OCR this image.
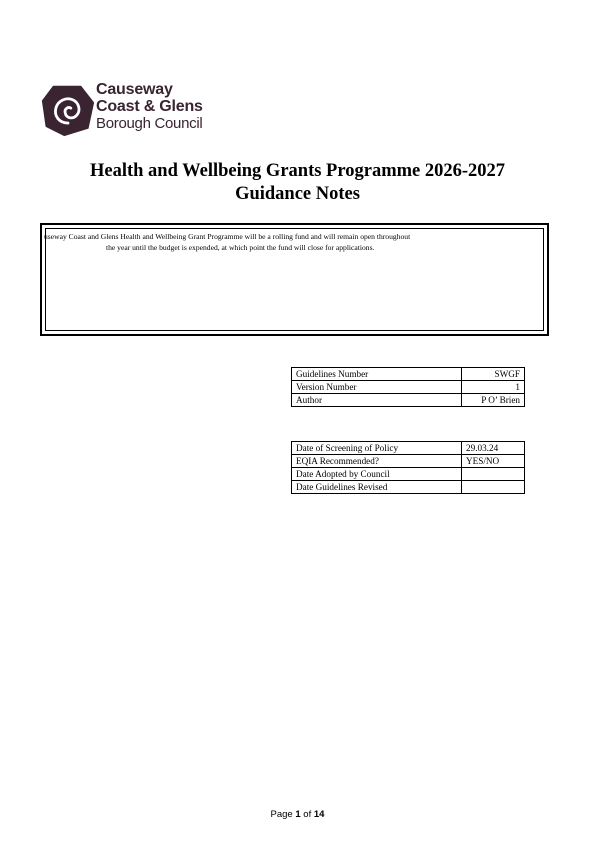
Causeway
Coast & Glens
Borough Council
Health and Wellbeing Grants Programme 2026-2027
Guidance Notes
useway Coast and Glens Health and Wellbeing Grant Programme will be a rolling fund and will remain open throughout
the year until the budget is expended, at which point the fund will close for applications.
Guidelines Number	SWGF
Version Number	1
Author	P O’ Brien
Date of Screening of Policy	29.03.24
EQIA Recommended?	YES/NO
Date Adopted by Council	
Date Guidelines Revised	
Page 1 of 14
